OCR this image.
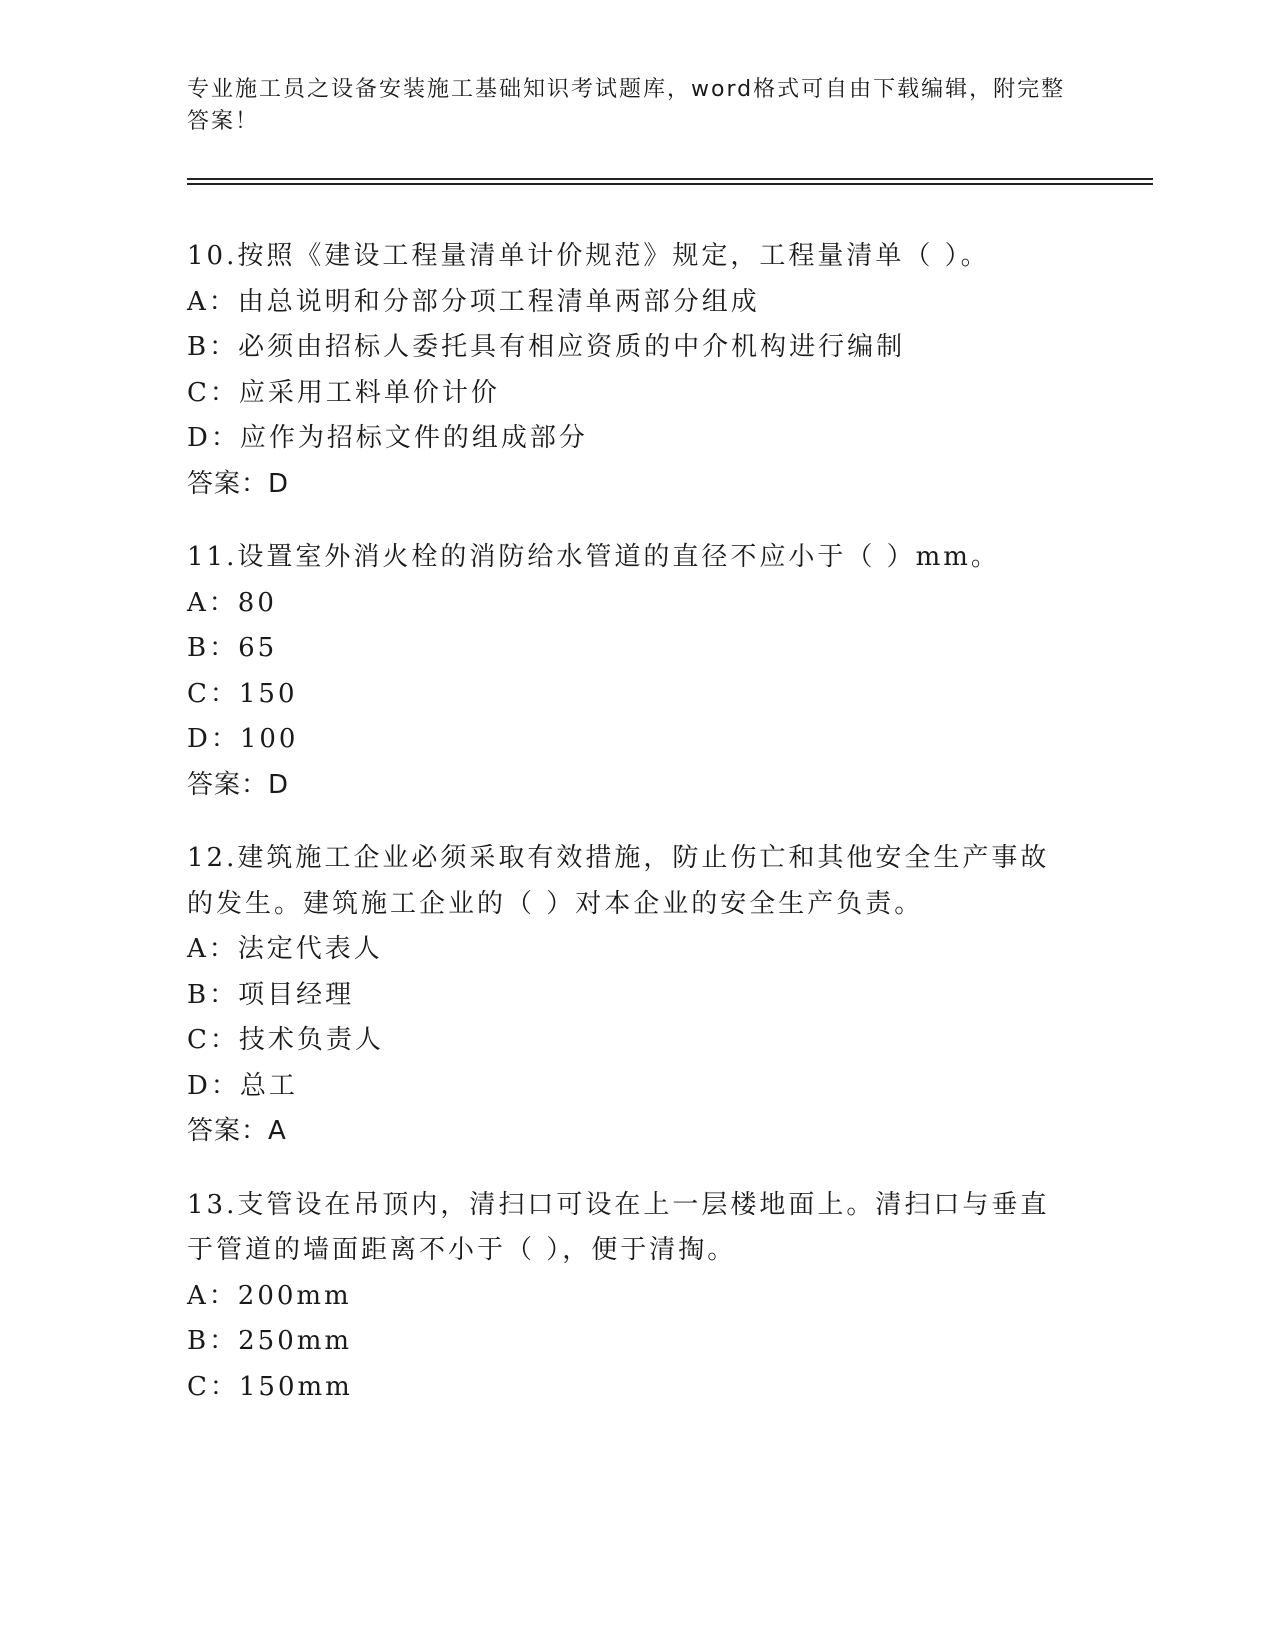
专业施工员之设备安装施工基础知识考试题库，word格式可自由下载编辑，附完整答案！

10.按照《建设工程量清单计价规范》规定，工程量清单（ ）。

A：由总说明和分部分项工程清单两部分组成

B：必须由招标人委托具有相应资质的中介机构进行编制

C：应采用工料单价计价

D：应作为招标文件的组成部分

答案：D

11.设置室外消火栓的消防给水管道的直径不应小于（ ）mm。

A：80

B：65

C：150

D：100

答案：D

12.建筑施工企业必须采取有效措施，防止伤亡和其他安全生产事故的发生。建筑施工企业的（ ）对本企业的安全生产负责。

A：法定代表人

B：项目经理

C：技术负责人

D：总工

答案：A

13.支管设在吊顶内，清扫口可设在上一层楼地面上。清扫口与垂直于管道的墙面距离不小于（ ），便于清掏。

A：200mm

B：250mm

C：150mm
